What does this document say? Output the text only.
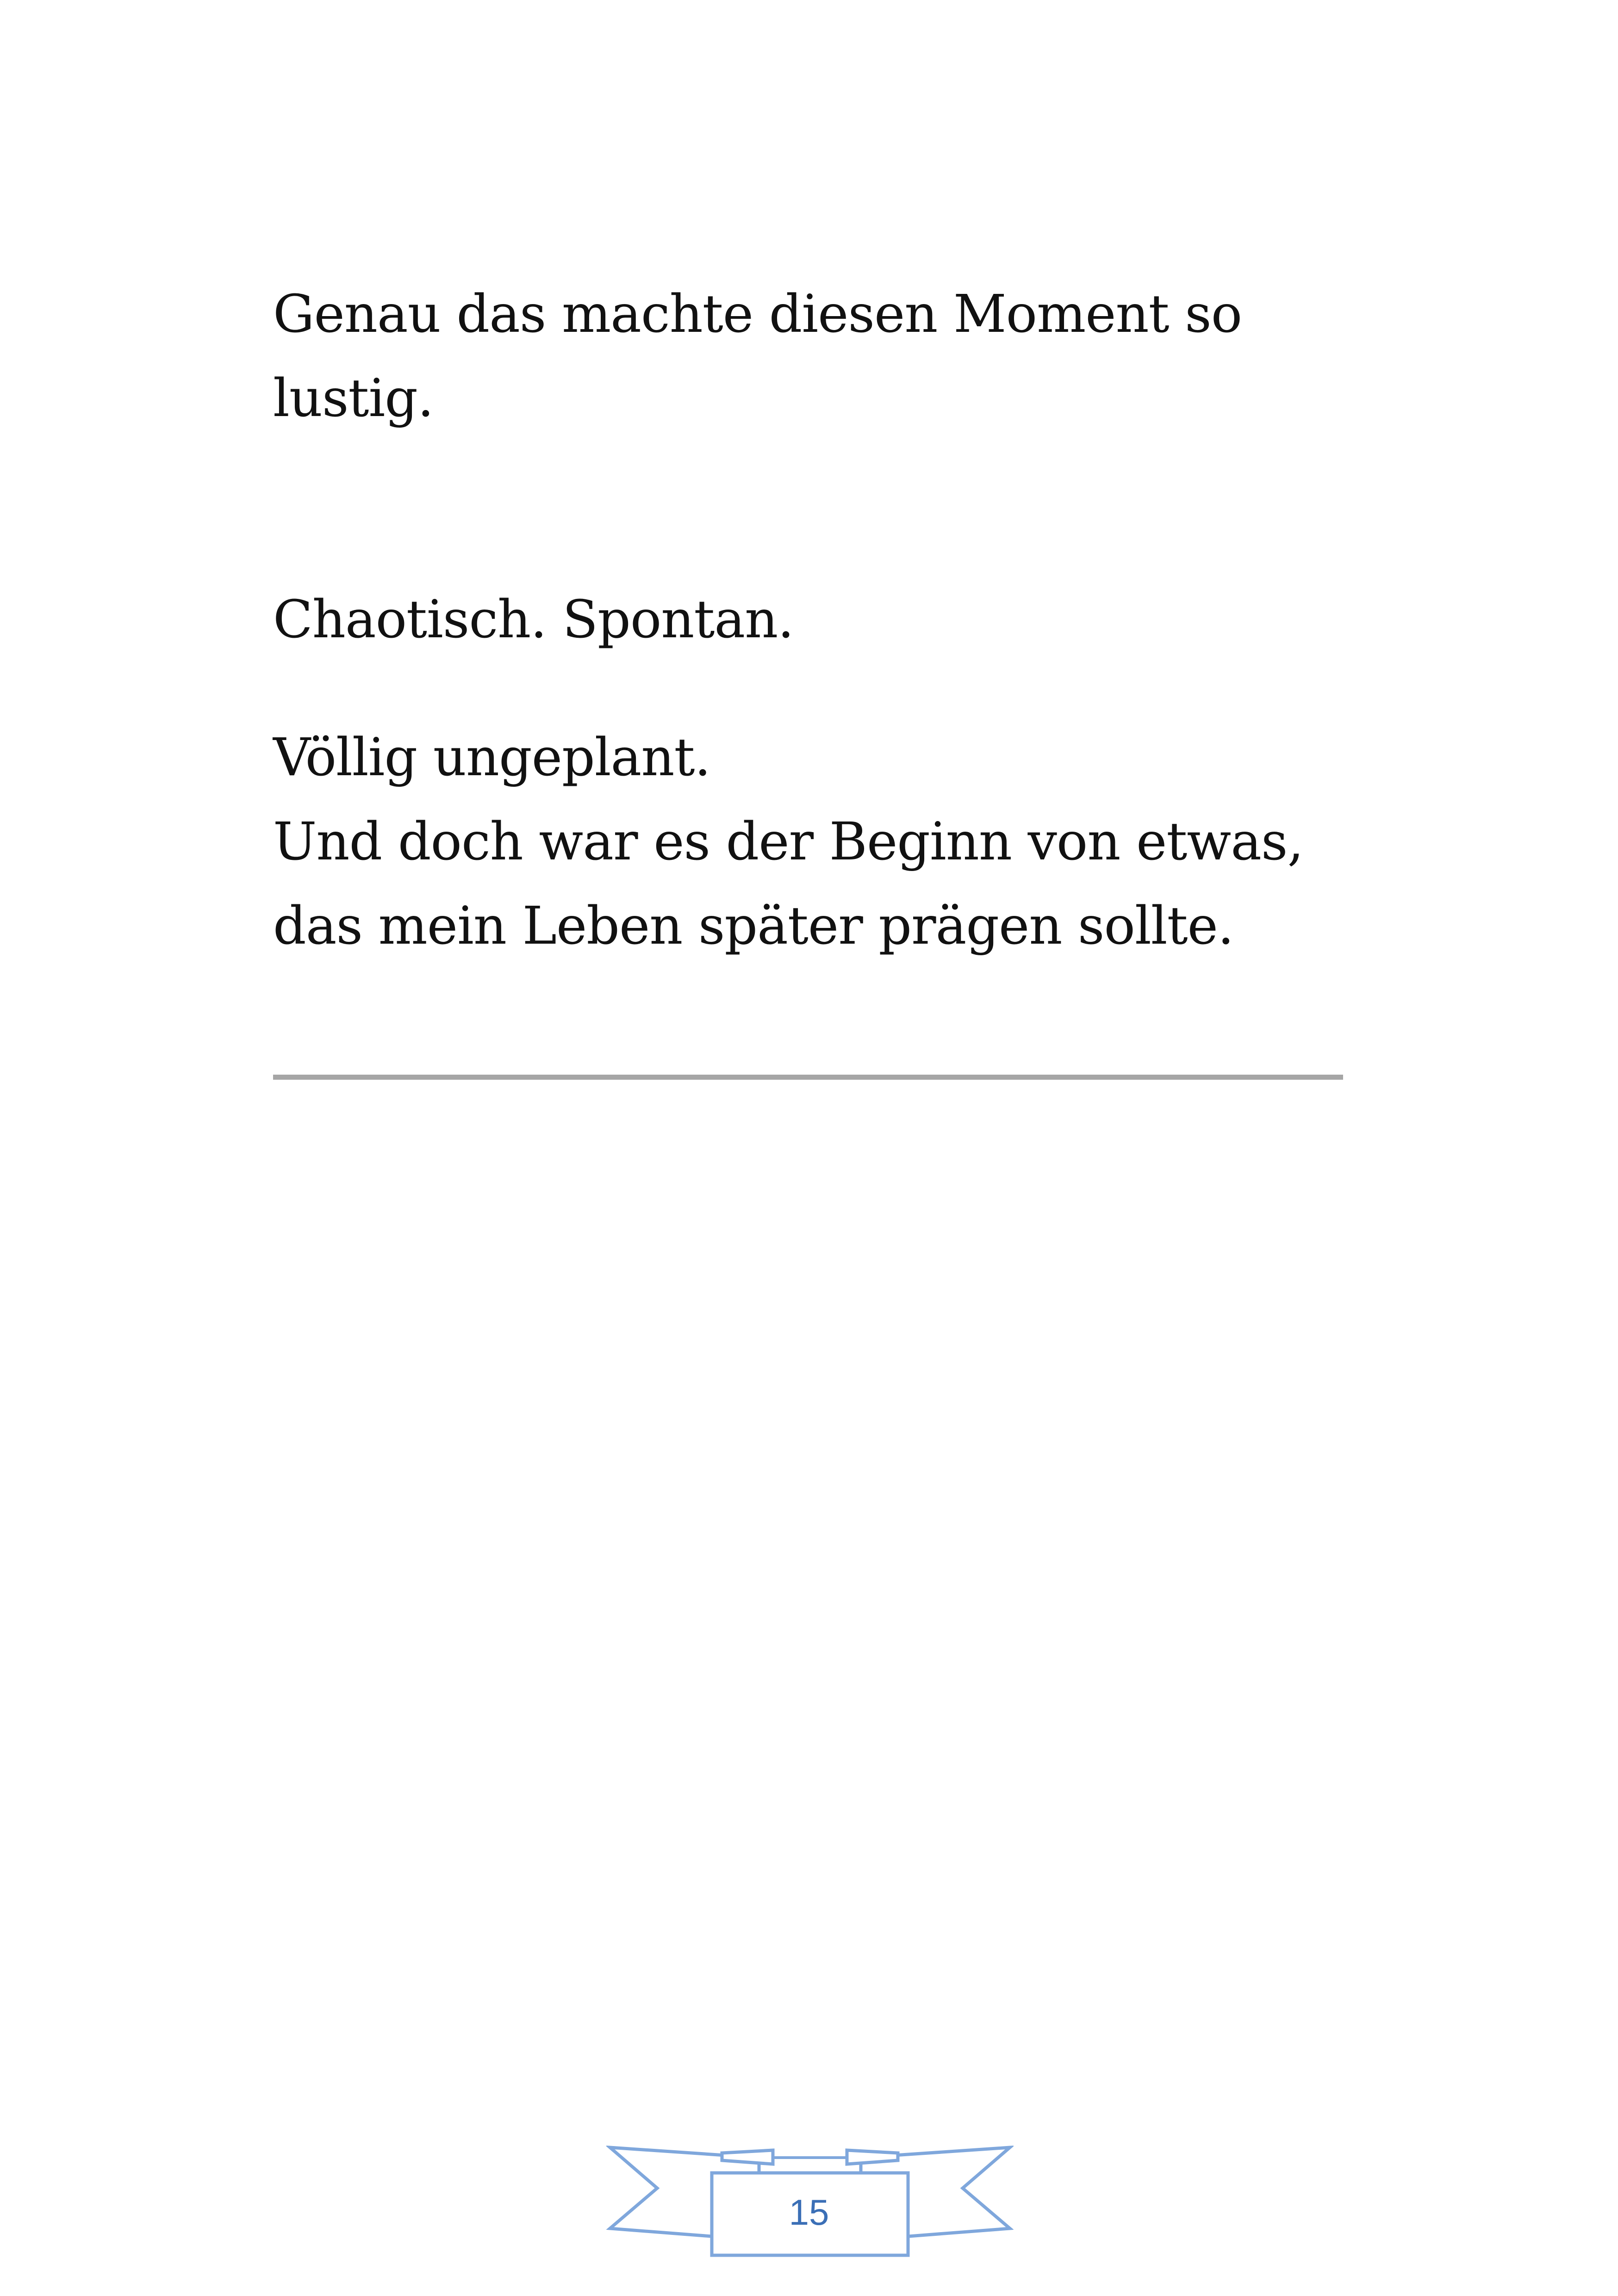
Genau das machte diesen Moment so
lustig.

Chaotisch. Spontan.

Völlig ungeplant.
Und doch war es der Beginn von etwas,
das mein Leben später prägen sollte.

15
